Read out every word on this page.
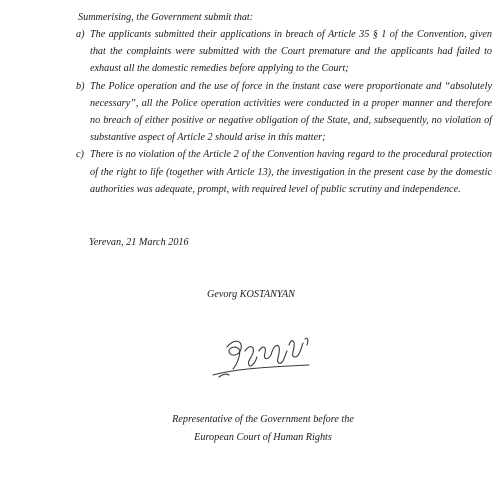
Summerising, the Government submit that:
a) The applicants submitted their applications in breach of Article 35 § 1 of the Convention, given that the complaints were submitted with the Court premature and the applicants had failed to exhaust all the domestic remedies before applying to the Court;
b) The Police operation and the use of force in the instant case were proportionate and “absolutely necessary”, all the Police operation activities were conducted in a proper manner and therefore no breach of either positive or negative obligation of the State, and, subsequently, no violation of substantive aspect of Article 2 should arise in this matter;
c) There is no violation of the Article 2 of the Convention having regard to the procedural protection of the right to life (together with Article 13), the investigation in the present case by the domestic authorities was adequate, prompt, with required level of public scrutiny and independence.
Yerevan, 21 March 2016
Gevorg KOSTANYAN
Representative of the Government before the
European Court of Human Rights
